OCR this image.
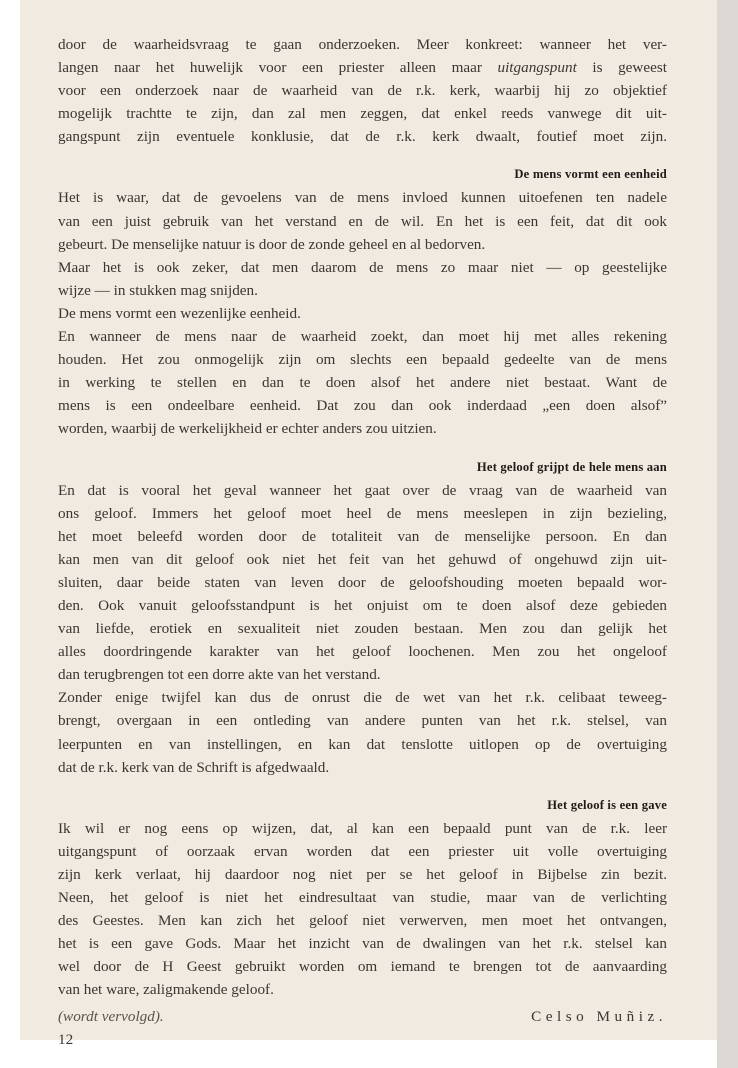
door de waarheidsvraag te gaan onderzoeken. Meer konkreet: wanneer het ver-
langen naar het huwelijk voor een priester alleen maar uitgangspunt is geweest
voor een onderzoek naar de waarheid van de r.k. kerk, waarbij hij zo objektief
mogelijk trachtte te zijn, dan zal men zeggen, dat enkel reeds vanwege dit uit-
gangspunt zijn eventuele konklusie, dat de r.k. kerk dwaalt, foutief moet zijn.
De mens vormt een eenheid
Het is waar, dat de gevoelens van de mens invloed kunnen uitoefenen ten nadele
van een juist gebruik van het verstand en de wil. En het is een feit, dat dit ook
gebeurt. De menselijke natuur is door de zonde geheel en al bedorven.
Maar het is ook zeker, dat men daarom de mens zo maar niet — op geestelijke
wijze — in stukken mag snijden.
De mens vormt een wezenlijke eenheid.
En wanneer de mens naar de waarheid zoekt, dan moet hij met alles rekening
houden. Het zou onmogelijk zijn om slechts een bepaald gedeelte van de mens
in werking te stellen en dan te doen alsof het andere niet bestaat. Want de
mens is een ondeelbare eenheid. Dat zou dan ook inderdaad „een doen alsof”
worden, waarbij de werkelijkheid er echter anders zou uitzien.
Het geloof grijpt de hele mens aan
En dat is vooral het geval wanneer het gaat over de vraag van de waarheid van
ons geloof. Immers het geloof moet heel de mens meeslepen in zijn bezieling,
het moet beleefd worden door de totaliteit van de menselijke persoon. En dan
kan men van dit geloof ook niet het feit van het gehuwd of ongehuwd zijn uit-
sluiten, daar beide staten van leven door de geloofshouding moeten bepaald wor-
den. Ook vanuit geloofsstandpunt is het onjuist om te doen alsof deze gebieden
van liefde, erotiek en sexualiteit niet zouden bestaan. Men zou dan gelijk het
alles doordringende karakter van het geloof loochenen. Men zou het ongeloof
dan terugbrengen tot een dorre akte van het verstand.
Zonder enige twijfel kan dus de onrust die de wet van het r.k. celibaat teweeg-
brengt, overgaan in een ontleding van andere punten van het r.k. stelsel, van
leerpunten en van instellingen, en kan dat tenslotte uitlopen op de overtuiging
dat de r.k. kerk van de Schrift is afgedwaald.
Het geloof is een gave
Ik wil er nog eens op wijzen, dat, al kan een bepaald punt van de r.k. leer
uitgangspunt of oorzaak ervan worden dat een priester uit volle overtuiging
zijn kerk verlaat, hij daardoor nog niet per se het geloof in Bijbelse zin bezit.
Neen, het geloof is niet het eindresultaat van studie, maar van de verlichting
des Geestes. Men kan zich het geloof niet verwerven, men moet het ontvangen,
het is een gave Gods. Maar het inzicht van de dwalingen van het r.k. stelsel kan
wel door de H Geest gebruikt worden om iemand te brengen tot de aanvaarding
van het ware, zaligmakende geloof.
(wordt vervolgd).	Celso Muñiz.
12
